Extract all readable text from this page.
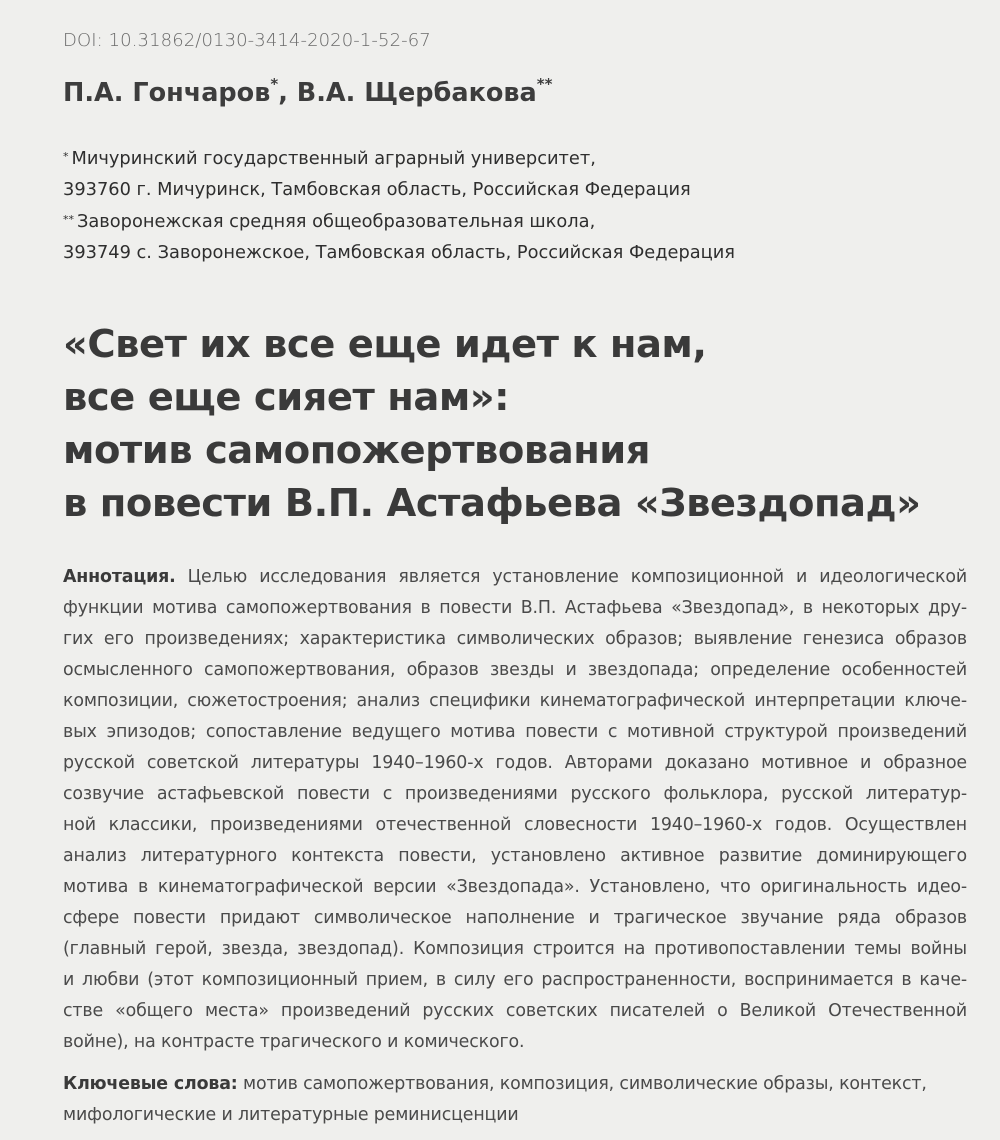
DOI: 10.31862/0130-3414-2020-1-52-67
П.А. Гончаров*, В.А. Щербакова**
* Мичуринский государственный аграрный университет,
393760 г. Мичуринск, Тамбовская область, Российская Федерация
** Заворонежская средняя общеобразовательная школа,
393749 с. Заворонежское, Тамбовская область, Российская Федерация
«Свет их все еще идет к нам,
все еще сияет нам»:
мотив самопожертвования
в повести В.П. Астафьева «Звездопад»
Аннотация. Целью исследования является установление композиционной и идеологической
функции мотива самопожертвования в повести В.П. Астафьева «Звездопад», в некоторых дру-
гих его произведениях; характеристика символических образов; выявление генезиса образов
осмысленного самопожертвования, образов звезды и звездопада; определение особенностей
композиции, сюжетостроения; анализ специфики кинематографической интерпретации ключе-
вых эпизодов; сопоставление ведущего мотива повести с мотивной структурой произведений
русской советской литературы 1940–1960-х годов. Авторами доказано мотивное и образное
созвучие астафьевской повести с произведениями русского фольклора, русской литератур-
ной классики, произведениями отечественной словесности 1940–1960-х годов. Осуществлен
анализ литературного контекста повести, установлено активное развитие доминирующего
мотива в кинематографической версии «Звездопада». Установлено, что оригинальность идео-
сфере повести придают символическое наполнение и трагическое звучание ряда образов
(главный герой, звезда, звездопад). Композиция строится на противопоставлении темы войны
и любви (этот композиционный прием, в силу его распространенности, воспринимается в каче-
стве «общего места» произведений русских советских писателей о Великой Отечественной
войне), на контрасте трагического и комического.
Ключевые слова: мотив самопожертвования, композиция, символические образы, контекст,
мифологические и литературные реминисценции
